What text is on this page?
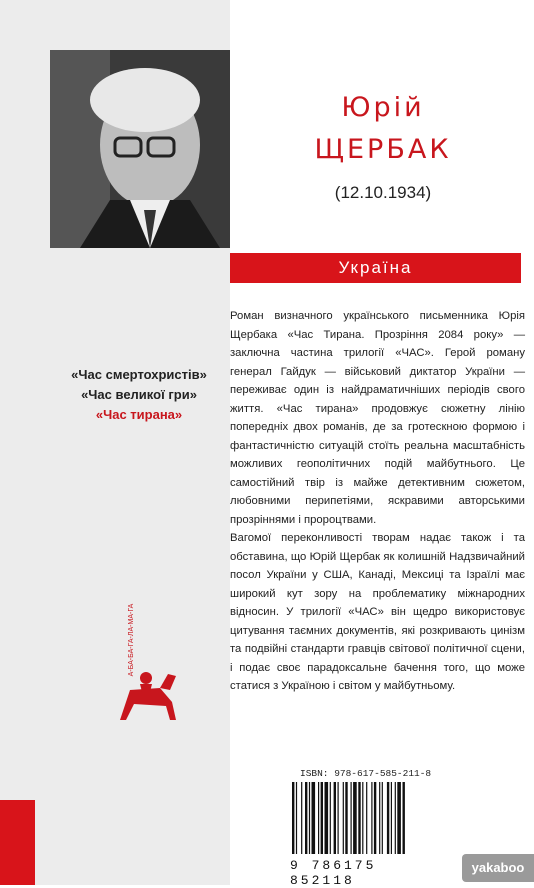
Юрій
ЩЕРБАК
(12.10.1934)
Україна
«Час смертохристів»
«Час великої гри»
«Час тирана»
А-БА-БА-ГА-ЛА-МА-ГА

Роман визначного українського письменника Юрія Щербака «Час Тирана. Прозріння 2084 року» — заключна частина трилогії «ЧАС». Герой роману генерал Гайдук — військовий диктатор України — переживає один із найдраматичніших періодів свого життя. «Час тирана» продовжує сюжетну лінію попередніх двох романів, де за гротескною формою і фантастичністю ситуацій стоїть реальна масштабність можливих геополітичних подій майбутнього. Це самостійний твір із майже детективним сюжетом, любовними перипетіями, яскравими авторськими прозріннями і пророцтвами.

Вагомої переконливості творам надає також і та обставина, що Юрій Щербак як колишній Надзвичайний посол України у США, Канаді, Мексиці та Ізраїлі має широкий кут зору на проблематику міжнародних відносин. У трилогії «ЧАС» він щедро використовує цитування таємних документів, які розкривають цинізм та подвійні стандарти гравців світової політичної сцени, і подає своє парадоксальне бачення того, що може статися з Україною і світом у майбутньому.

ISBN: 978-617-585-211-8
9 786175 852118
yakaboo
